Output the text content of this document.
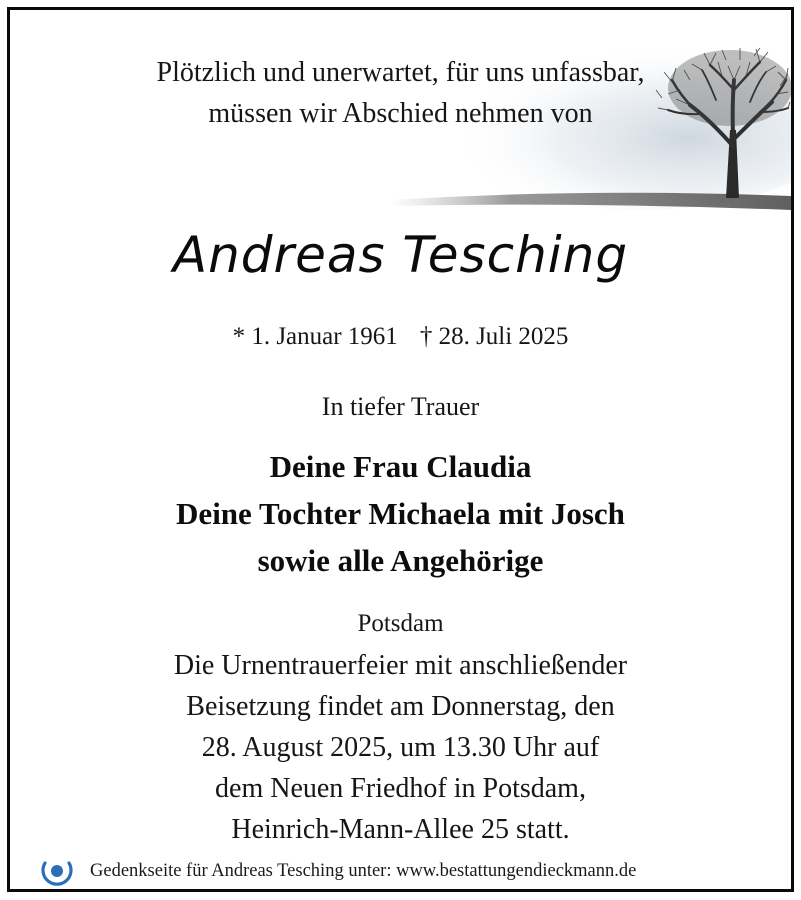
Plötzlich und unerwartet, für uns unfassbar,
müssen wir Abschied nehmen von
Andreas Tesching
* 1. Januar 1961 † 28. Juli 2025
In tiefer Trauer
Deine Frau Claudia
Deine Tochter Michaela mit Josch
sowie alle Angehörige
Potsdam
Die Urnentrauerfeier mit anschließender
Beisetzung findet am Donnerstag, den
28. August 2025, um 13.30 Uhr auf
dem Neuen Friedhof in Potsdam,
Heinrich-Mann-Allee 25 statt.
Gedenkseite für Andreas Tesching unter: www.bestattungendieckmann.de
